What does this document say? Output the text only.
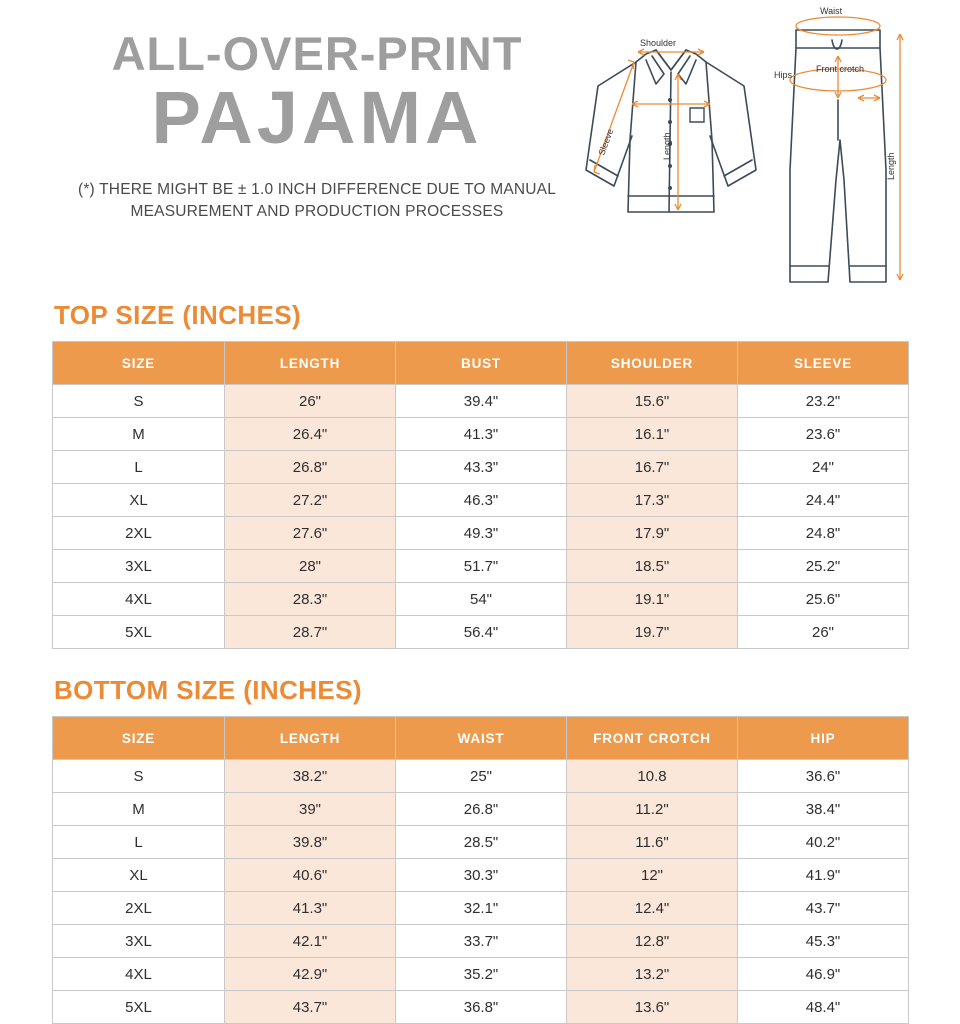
ALL-OVER-PRINT
PAJAMA
(*) THERE MIGHT BE ± 1.0 INCH DIFFERENCE DUE TO MANUAL MEASUREMENT AND PRODUCTION PROCESSES
Shoulder
Sleeve	Length
Waist
Hips
Front crotch
Length
TOP SIZE (INCHES)
SIZE	LENGTH	BUST	SHOULDER	SLEEVE
S	26"	39.4"	15.6"	23.2"
M	26.4"	41.3"	16.1"	23.6"
L	26.8"	43.3"	16.7"	24"
XL	27.2"	46.3"	17.3"	24.4"
2XL	27.6"	49.3"	17.9"	24.8"
3XL	28"	51.7"	18.5"	25.2"
4XL	28.3"	54"	19.1"	25.6"
5XL	28.7"	56.4"	19.7"	26"
BOTTOM SIZE (INCHES)
SIZE	LENGTH	WAIST	FRONT CROTCH	HIP
S	38.2"	25"	10.8	36.6"
M	39"	26.8"	11.2"	38.4"
L	39.8"	28.5"	11.6"	40.2"
XL	40.6"	30.3"	12"	41.9"
2XL	41.3"	32.1"	12.4"	43.7"
3XL	42.1"	33.7"	12.8"	45.3"
4XL	42.9"	35.2"	13.2"	46.9"
5XL	43.7"	36.8"	13.6"	48.4"
